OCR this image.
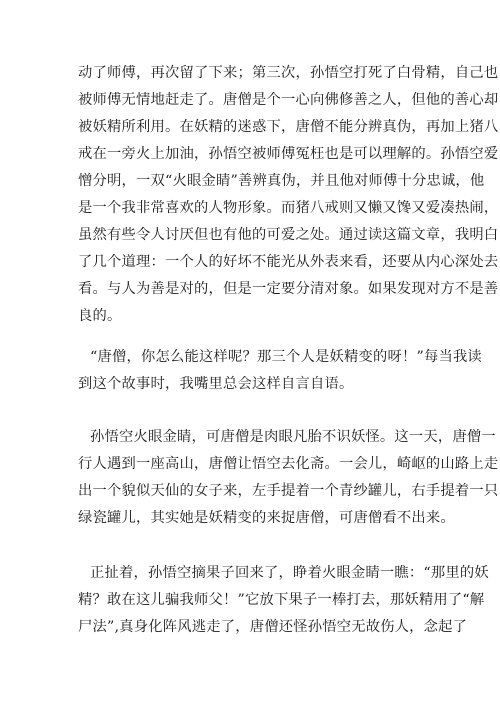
动了师傅，再次留了下来；第三次，孙悟空打死了白骨精，自己也
被师傅无情地赶走了。唐僧是个一心向佛修善之人，但他的善心却
被妖精所利用。在妖精的迷惑下，唐僧不能分辨真伪，再加上猪八
戒在一旁火上加油，孙悟空被师傅冤枉也是可以理解的。孙悟空爱
憎分明，一双“火眼金睛”善辨真伪，并且他对师傅十分忠诚，他
是一个我非常喜欢的人物形象。而猪八戒则又懒又馋又爱凑热闹，
虽然有些令人讨厌但也有他的可爱之处。通过读这篇文章，我明白
了几个道理：一个人的好坏不能光从外表来看，还要从内心深处去
看。与人为善是对的，但是一定要分清对象。如果发现对方不是善
良的。

“唐僧，你怎么能这样呢？那三个人是妖精变的呀！”每当我读
到这个故事时，我嘴里总会这样自言自语。

孙悟空火眼金睛，可唐僧是肉眼凡胎不识妖怪。这一天，唐僧一
行人遇到一座高山，唐僧让悟空去化斋。一会儿，崎岖的山路上走
出一个貌似天仙的女子来，左手提着一个青纱罐儿，右手提着一只
绿瓷罐儿，其实她是妖精变的来捉唐僧，可唐僧看不出来。

正扯着，孙悟空摘果子回来了，睁着火眼金睛一瞧：“那里的妖
精？敢在这儿骗我师父！”它放下果子一棒打去，那妖精用了“解
尸法”,真身化阵风逃走了，唐僧还怪孙悟空无故伤人，念起了
